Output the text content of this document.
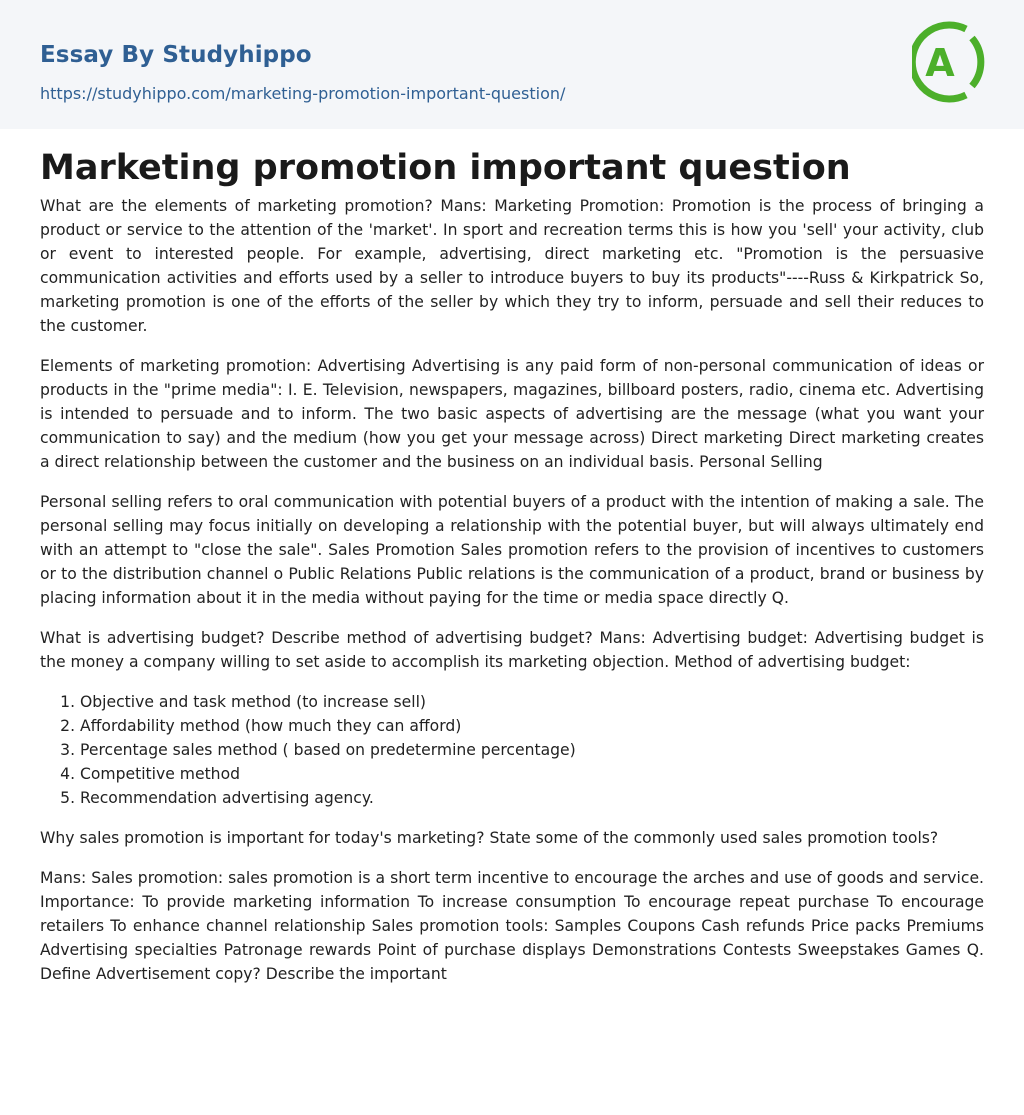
Essay By Studyhippo
https://studyhippo.com/marketing-promotion-important-question/
A
Marketing promotion important question

What are the elements of marketing promotion? Mans: Marketing Promotion: Promotion is the process of bringing a product or service to the attention of the 'market'. In sport and recreation terms this is how you 'sell' your activity, club or event to interested people. For example, advertising, direct marketing etc. "Promotion is the persuasive communication activities and efforts used by a seller to introduce buyers to buy its products"----Russ & Kirkpatrick So, marketing promotion is one of the efforts of the seller by which they try to inform, persuade and sell their reduces to the customer.

Elements of marketing promotion: Advertising Advertising is any paid form of non-personal communication of ideas or products in the "prime media": I. E. Television, newspapers, magazines, billboard posters, radio, cinema etc. Advertising is intended to persuade and to inform. The two basic aspects of advertising are the message (what you want your communication to say) and the medium (how you get your message across) Direct marketing Direct marketing creates a direct relationship between the customer and the business on an individual basis. Personal Selling

Personal selling refers to oral communication with potential buyers of a product with the intention of making a sale. The personal selling may focus initially on developing a relationship with the potential buyer, but will always ultimately end with an attempt to "close the sale". Sales Promotion Sales promotion refers to the provision of incentives to customers or to the distribution channel o Public Relations Public relations is the communication of a product, brand or business by placing information about it in the media without paying for the time or media space directly Q.

What is advertising budget? Describe method of advertising budget? Mans: Advertising budget: Advertising budget is the money a company willing to set aside to accomplish its marketing objection. Method of advertising budget:

1. Objective and task method (to increase sell)
2. Affordability method (how much they can afford)
3. Percentage sales method ( based on predetermine percentage)
4. Competitive method
5. Recommendation advertising agency.

Why sales promotion is important for today's marketing? State some of the commonly used sales promotion tools?

Mans: Sales promotion: sales promotion is a short term incentive to encourage the arches and use of goods and service. Importance: To provide marketing information To increase consumption To encourage repeat purchase To encourage retailers To enhance channel relationship Sales promotion tools: Samples Coupons Cash refunds Price packs Premiums Advertising specialties Patronage rewards Point of purchase displays Demonstrations Contests Sweepstakes Games Q. Define Advertisement copy? Describe the important
